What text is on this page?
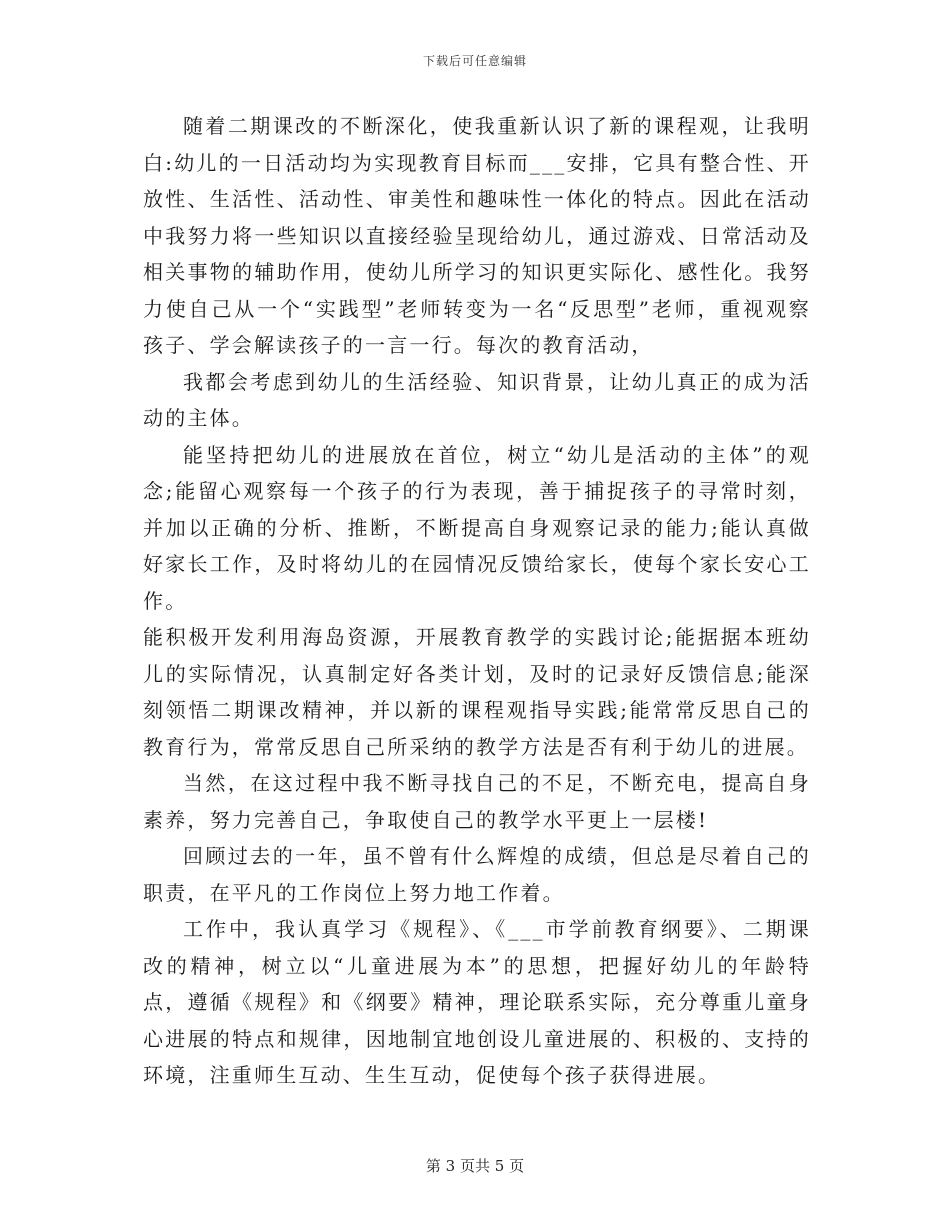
下载后可任意编辑

随着二期课改的不断深化，使我重新认识了新的课程观，让我明白:幼儿的一日活动均为实现教育目标而___安排，它具有整合性、开放性、生活性、活动性、审美性和趣味性一体化的特点。因此在活动中我努力将一些知识以直接经验呈现给幼儿，通过游戏、日常活动及相关事物的辅助作用，使幼儿所学习的知识更实际化、感性化。我努力使自己从一个“实践型”老师转变为一名“反思型”老师，重视观察孩子、学会解读孩子的一言一行。每次的教育活动，

我都会考虑到幼儿的生活经验、知识背景，让幼儿真正的成为活动的主体。

能坚持把幼儿的进展放在首位，树立“幼儿是活动的主体”的观念;能留心观察每一个孩子的行为表现，善于捕捉孩子的寻常时刻，并加以正确的分析、推断，不断提高自身观察记录的能力;能认真做好家长工作，及时将幼儿的在园情况反馈给家长，使每个家长安心工作。

能积极开发利用海岛资源，开展教育教学的实践讨论;能据据本班幼儿的实际情况，认真制定好各类计划，及时的记录好反馈信息;能深刻领悟二期课改精神，并以新的课程观指导实践;能常常反思自己的教育行为，常常反思自己所采纳的教学方法是否有利于幼儿的进展。

当然，在这过程中我不断寻找自己的不足，不断充电，提高自身素养，努力完善自己，争取使自己的教学水平更上一层楼!

回顾过去的一年，虽不曾有什么辉煌的成绩，但总是尽着自己的职责，在平凡的工作岗位上努力地工作着。

工作中，我认真学习《规程》、《___市学前教育纲要》、二期课改的精神，树立以“儿童进展为本”的思想，把握好幼儿的年龄特点，遵循《规程》和《纲要》精神，理论联系实际，充分尊重儿童身心进展的特点和规律，因地制宜地创设儿童进展的、积极的、支持的环境，注重师生互动、生生互动，促使每个孩子获得进展。

第 3 页共 5 页
